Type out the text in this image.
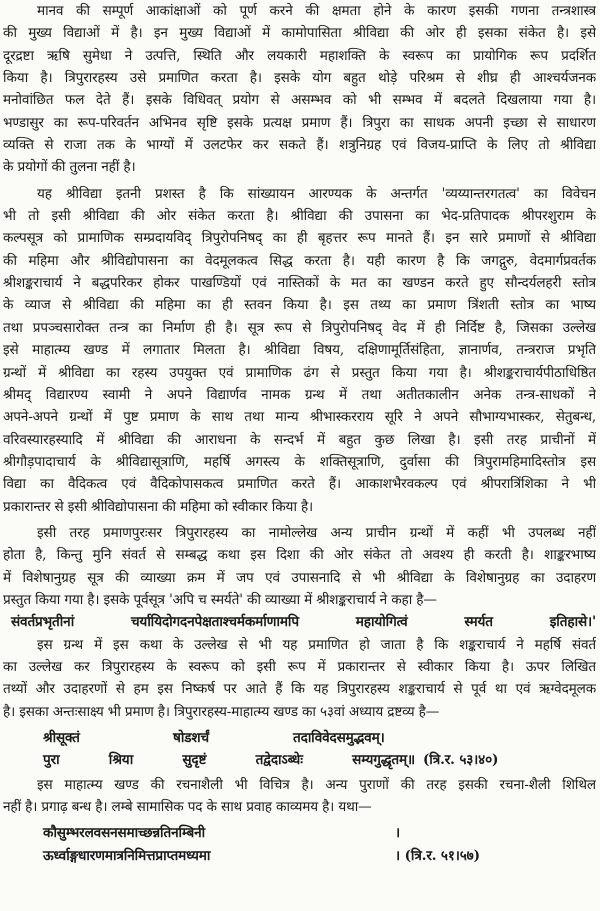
मानव की सम्पूर्ण आकांक्षाओं को पूर्ण करने की क्षमता होने के कारण इसकी गणना तन्त्रशास्त्र
की मुख्य विद्याओं में है। इन मुख्य विद्याओं में कामोपासिता श्रीविद्या की ओर ही इसका संकेत है। इसे
दूरद्रष्टा ऋषि सुमेधा ने उत्पत्ति, स्थिति और लयकारी महाशक्ति के स्वरूप का प्रायोगिक रूप प्रदर्शित
किया है। त्रिपुरारहस्य उसे प्रमाणित करता है। इसके योग बहुत थोड़े परिश्रम से शीघ्र ही आश्चर्यजनक
मनोवांछित फल देते हैं। इसके विधिवत् प्रयोग से असम्भव को भी सम्भव में बदलते दिखलाया गया है।
भण्डासुर का रूप-परिवर्तन अभिनव सृष्टि इसके प्रत्यक्ष प्रमाण हैं। त्रिपुरा का साधक अपनी इच्छा से साधारण
व्यक्ति से राजा तक के भाग्यों में उलटफेर कर सकते हैं। शत्रुनिग्रह एवं विजय-प्राप्ति के लिए तो श्रीविद्या
के प्रयोगों की तुलना नहीं है।
यह श्रीविद्या इतनी प्रशस्त है कि सांख्यायन आरण्यक के अन्तर्गत 'व्यय्यान्तरगतत्व' का विवेचन
भी तो इसी श्रीविद्या की ओर संकेत करता है। श्रीविद्या की उपासना का भेद-प्रतिपादक श्रीपरशुराम के
कल्पसूत्र को प्रामाणिक सम्प्रदायविद् त्रिपुरोपनिषद् का ही बृहत्तर रूप मानते हैं। इन सारे प्रमाणों से श्रीविद्या
की महिमा और श्रीविद्योपासना का वेदमूलकत्व सिद्ध करता है। यही कारण है कि जगद्गुरु, वेदमार्गप्रवर्तक
श्रीशङ्कराचार्य ने बद्धपरिकर होकर पाखण्डियों एवं नास्तिकों के मत का खण्डन करते हुए सौन्दर्यलहरी स्तोत्र
के व्याज से श्रीविद्या की महिमा का ही स्तवन किया है। इस तथ्य का प्रमाण त्रिंशती स्तोत्र का भाष्य
तथा प्रपञ्चसारोक्त तन्त्र का निर्माण ही है। सूत्र रूप से त्रिपुरोपनिषद् वेद में ही निर्दिष्ट है, जिसका उल्लेख
इसे माहात्म्य खण्ड में लगातार मिलता है। श्रीविद्या विषय, दक्षिणामूर्तिसंहिता, ज्ञानार्णव, तन्त्रराज प्रभृति
ग्रन्थों में श्रीविद्या का रहस्य उपयुक्त एवं प्रामाणिक ढंग से प्रस्तुत किया गया है। श्रीशङ्कराचार्यपीठाधिष्ठित
श्रीमद् विद्यारण्य स्वामी ने अपने विद्यार्णव नामक ग्रन्थ में तथा अतीतकालीन अनेक तन्त्र-साधकों ने
अपने-अपने ग्रन्थों में पुष्ट प्रमाण के साथ तथा मान्य श्रीभास्करराय सूरि ने अपने सौभाग्यभास्कर, सेतुबन्ध,
वरिवस्यारहस्यादि में श्रीविद्या की आराधना के सन्दर्भ में बहुत कुछ लिखा है। इसी तरह प्राचीनों में
श्रीगौड़पादाचार्य के श्रीविद्यासूत्राणि, महर्षि अगस्त्य के शक्तिसूत्राणि, दुर्वासा की त्रिपुरामहिमादिस्तोत्र इस
विद्या का वैदिकत्व एवं वैदिकोपासकत्व प्रमाणित करते हैं। आकाशभैरवकल्प एवं श्रीपरात्रिंशिका ने भी
प्रकारान्तर से इसी श्रीविद्योपासना की महिमा को स्वीकार किया है।
इसी तरह प्रमाणपुरःसर त्रिपुरारहस्य का नामोल्लेख अन्य प्राचीन ग्रन्थों में कहीं भी उपलब्ध नहीं
होता है, किन्तु मुनि संवर्त से सम्बद्ध कथा इस दिशा की ओर संकेत तो अवश्य ही करती है। शाङ्करभाष्य
में विशेषानुग्रह सूत्र की व्याख्या क्रम में जप एवं उपासनादि से भी श्रीविद्या के विशेषानुग्रह का उदाहरण
प्रस्तुत किया गया है। इसके पूर्वसूत्र 'अपि च स्मर्यते' की व्याख्या में श्रीशङ्कराचार्य ने कहा है—
संवर्तप्रभृतीनां चर्यायिदोगदनपेक्षताश्चर्मकर्माणामपि महायोगित्वं स्मर्यत इतिहासे।'
इस ग्रन्थ में इस कथा के उल्लेख से भी यह प्रमाणित हो जाता है कि शङ्कराचार्य ने महर्षि संवर्त
का उल्लेख कर त्रिपुरारहस्य के स्वरूप को इसी रूप में प्रकारान्तर से स्वीकार किया है। ऊपर लिखित
तथ्यों और उदाहरणों से हम इस निष्कर्ष पर आते हैं कि यह त्रिपुरारहस्य शङ्कराचार्य से पूर्व था एवं ऋग्वेदमूलक
है। इसका अन्तःसाक्ष्य भी प्रमाण है। त्रिपुरारहस्य-माहात्म्य खण्ड का ५३वां अध्याय द्रष्टव्य है—
श्रीसूक्तं	षोडशर्चं	तदाविवेदसमुद्भवम्।
पुरा श्रिया सुदृष्टं तद्वेदाऽब्धेः सम्यगुद्धृतम्॥ (त्रि.र. ५३।४०)
इस माहात्म्य खण्ड की रचनाशैली भी विचित्र है। अन्य पुराणों की तरह इसकी रचना-शैली शिथिल
नहीं है। प्रगाढ़ बन्ध है। लम्बे सामासिक पद के साथ प्रवाह काव्यमय है। यथा—
कौसुम्भरलवसनसमाच्छन्नतिनम्बिनी	।
ऊर्ध्वाङ्गधारणमात्रनिमित्तप्राप्तमध्यमा	। (त्रि.र. ५१।५७)
